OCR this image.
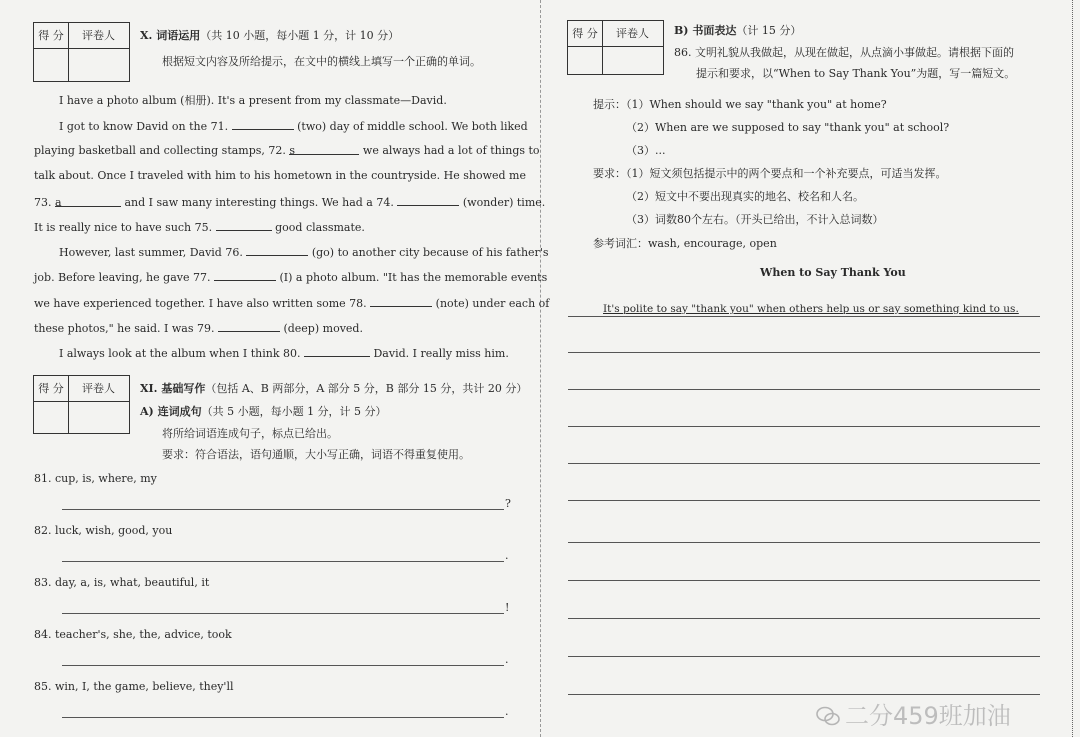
得 分	评卷人	X. 词语运用（共 10 小题，每小题 1 分，计 10 分）
根据短文内容及所给提示，在文中的横线上填写一个正确的单词。
I have a photo album (相册). It's a present from my classmate—David.
I got to know David on the 71.	(two) day of middle school. We both liked
playing basketball and collecting stamps, 72. s	we always had a lot of things to
talk about. Once I traveled with him to his hometown in the countryside. He showed me
73. a	and I saw many interesting things. We had a 74.	(wonder) time.
It is really nice to have such 75.	good classmate.
However, last summer, David 76.	(go) to another city because of his father's
job. Before leaving, he gave 77.	(I) a photo album. "It has the memorable events
we have experienced together. I have also written some 78.	(note) under each of
these photos," he said. I was 79.	(deep) moved.
I always look at the album when I think 80.	David. I really miss him.
得 分	评卷人	XI. 基础写作（包括 A、B 两部分，A 部分 5 分，B 部分 15 分，共计 20 分）
A) 连词成句（共 5 小题，每小题 1 分，计 5 分）
将所给词语连成句子，标点已给出。
要求：符合语法，语句通顺，大小写正确，词语不得重复使用。
81. cup, is, where, my
?
82. luck, wish, good, you
.
83. day, a, is, what, beautiful, it
!
84. teacher's, she, the, advice, took
.
85. win, I, the game, believe, they'll
.
得 分	评卷人	B) 书面表达（计 15 分）
86. 文明礼貌从我做起，从现在做起，从点滴小事做起。请根据下面的
提示和要求，以“When to Say Thank You”为题，写一篇短文。
提示：（1）When should we say "thank you" at home?
（2）When are we supposed to say "thank you" at school?
（3）...
要求：（1）短文须包括提示中的两个要点和一个补充要点，可适当发挥。
（2）短文中不要出现真实的地名、校名和人名。
（3）词数80个左右。（开头已给出，不计入总词数）
参考词汇：wash, encourage, open
When to Say Thank You
It's polite to say "thank you" when others help us or say something kind to us.
二分459班加油
